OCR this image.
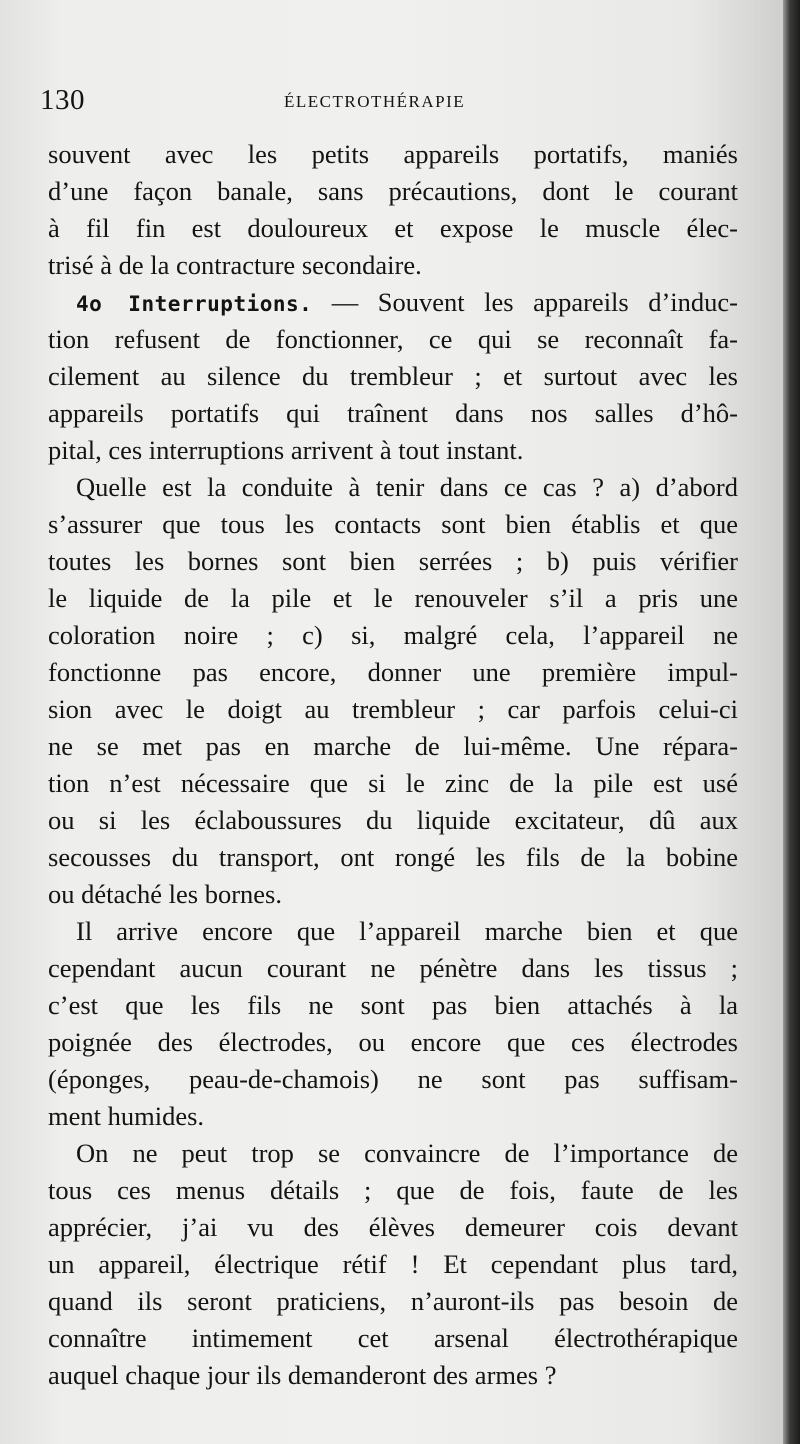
130	ÉLECTROTHÉRAPIE
souvent avec les petits appareils portatifs, maniés
d’une façon banale, sans précautions, dont le courant
à fil fin est douloureux et expose le muscle élec-
trisé à de la contracture secondaire.
4o Interruptions. — Souvent les appareils d’induc-
tion refusent de fonctionner, ce qui se reconnaît fa-
cilement au silence du trembleur ; et surtout avec les
appareils portatifs qui traînent dans nos salles d’hô-
pital, ces interruptions arrivent à tout instant.
Quelle est la conduite à tenir dans ce cas ? a) d’abord
s’assurer que tous les contacts sont bien établis et que
toutes les bornes sont bien serrées ; b) puis vérifier
le liquide de la pile et le renouveler s’il a pris une
coloration noire ; c) si, malgré cela, l’appareil ne
fonctionne pas encore, donner une première impul-
sion avec le doigt au trembleur ; car parfois celui-ci
ne se met pas en marche de lui-même. Une répara-
tion n’est nécessaire que si le zinc de la pile est usé
ou si les éclaboussures du liquide excitateur, dû aux
secousses du transport, ont rongé les fils de la bobine
ou détaché les bornes.
Il arrive encore que l’appareil marche bien et que
cependant aucun courant ne pénètre dans les tissus ;
c’est que les fils ne sont pas bien attachés à la
poignée des électrodes, ou encore que ces électrodes
(éponges, peau-de-chamois) ne sont pas suffisam-
ment humides.
On ne peut trop se convaincre de l’importance de
tous ces menus détails ; que de fois, faute de les
apprécier, j’ai vu des élèves demeurer cois devant
un appareil, électrique rétif ! Et cependant plus tard,
quand ils seront praticiens, n’auront-ils pas besoin de
connaître intimement cet arsenal électrothérapique
auquel chaque jour ils demanderont des armes ?
